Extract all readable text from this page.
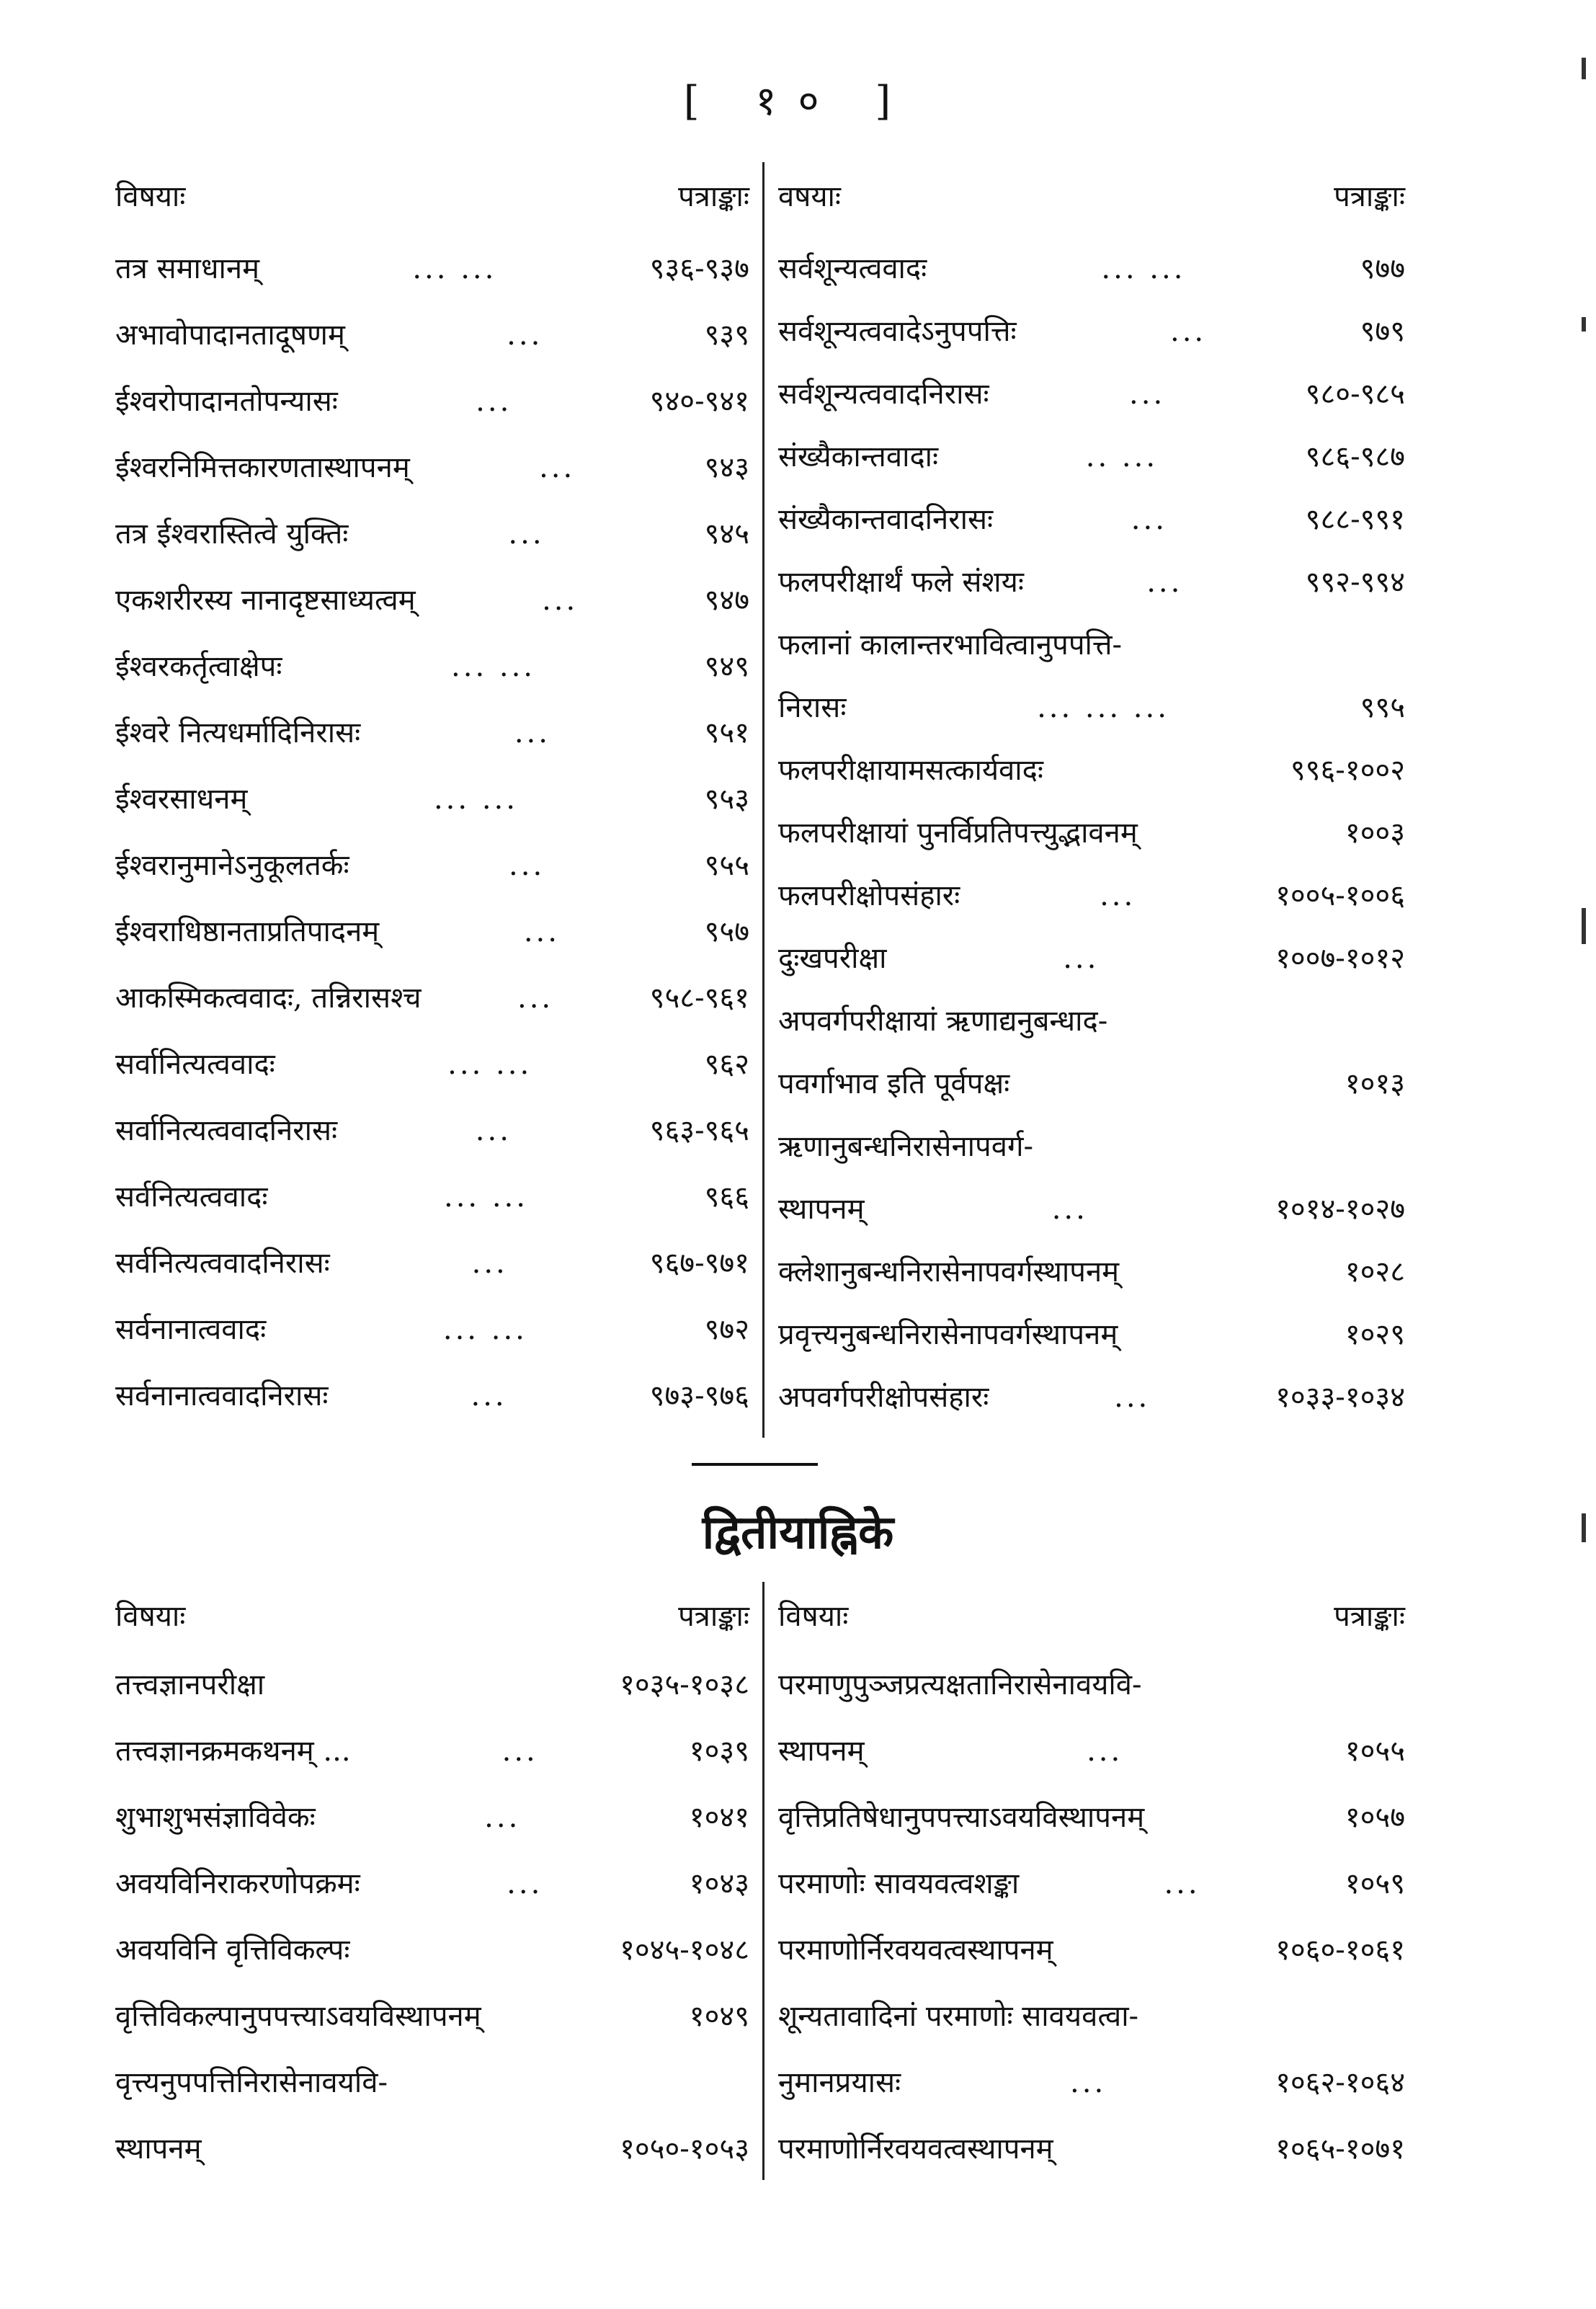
[ १० ]
विषयाः	पत्राङ्काः
तत्र समाधानम्	... ...	९३६-९३७
अभावोपादानतादूषणम्	...	९३९
ईश्वरोपादानतोपन्यासः	...	९४०-९४१
ईश्वरनिमित्तकारणतास्थापनम्	...	९४३
तत्र ईश्वरास्तित्वे युक्तिः	...	९४५
एकशरीरस्य नानादृष्टसाध्यत्वम्	...	९४७
ईश्वरकर्तृत्वाक्षेपः	... ...	९४९
ईश्वरे नित्यधर्मादिनिरासः	...	९५१
ईश्वरसाधनम्	... ...	९५३
ईश्वरानुमानेऽनुकूलतर्कः	...	९५५
ईश्वराधिष्ठानताप्रतिपादनम्	...	९५७
आकस्मिकत्ववादः, तन्निरासश्च	...	९५८-९६१
सर्वानित्यत्ववादः	... ...	९६२
सर्वानित्यत्ववादनिरासः	...	९६३-९६५
सर्वनित्यत्ववादः	... ...	९६६
सर्वनित्यत्ववादनिरासः	...	९६७-९७१
सर्वनानात्ववादः	... ...	९७२
सर्वनानात्ववादनिरासः	...	९७३-९७६
वषयाः	पत्राङ्काः
सर्वशून्यत्ववादः	... ...	९७७
सर्वशून्यत्ववादेऽनुपपत्तिः	...	९७९
सर्वशून्यत्ववादनिरासः	...	९८०-९८५
संख्यैकान्तवादाः	.. ...	९८६-९८७
संख्यैकान्तवादनिरासः	...	९८८-९९१
फलपरीक्षार्थं फले संशयः	...	९९२-९९४
फलानां कालान्तरभावित्वानुपपत्ति-
निरासः	... ... ...	९९५
फलपरीक्षायामसत्कार्यवादः	९९६-१००२
फलपरीक्षायां पुनर्विप्रतिपत्त्युद्भावनम्	१००३
फलपरीक्षोपसंहारः	...	१००५-१००६
दुःखपरीक्षा	...	१००७-१०१२
अपवर्गपरीक्षायां ऋणाद्यनुबन्धाद-
पवर्गाभाव इति पूर्वपक्षः	१०१३
ऋणानुबन्धनिरासेनापवर्ग-
स्थापनम्	...	१०१४-१०२७
क्लेशानुबन्धनिरासेनापवर्गस्थापनम्	१०२८
प्रवृत्त्यनुबन्धनिरासेनापवर्गस्थापनम्	१०२९
अपवर्गपरीक्षोपसंहारः	...	१०३३-१०३४
द्वितीयाह्निके
विषयाः	पत्राङ्काः
तत्त्वज्ञानपरीक्षा	१०३५-१०३८
तत्त्वज्ञानक्रमकथनम् ...	...	१०३९
शुभाशुभसंज्ञाविवेकः	...	१०४१
अवयविनिराकरणोपक्रमः	...	१०४३
अवयविनि वृत्तिविकल्पः	१०४५-१०४८
वृत्तिविकल्पानुपपत्त्याऽवयविस्थापनम्	१०४९
वृत्त्यनुपपत्तिनिरासेनावयवि-
स्थापनम्	१०५०-१०५३
विषयाः	पत्राङ्काः
परमाणुपुञ्जप्रत्यक्षतानिरासेनावयवि-
स्थापनम्	...	१०५५
वृत्तिप्रतिषेधानुपपत्त्याऽवयविस्थापनम्	१०५७
परमाणोः सावयवत्वशङ्का	...	१०५९
परमाणोर्निरवयवत्वस्थापनम्	१०६०-१०६१
शून्यतावादिनां परमाणोः सावयवत्वा-
नुमानप्रयासः	...	१०६२-१०६४
परमाणोर्निरवयवत्वस्थापनम्	१०६५-१०७१
